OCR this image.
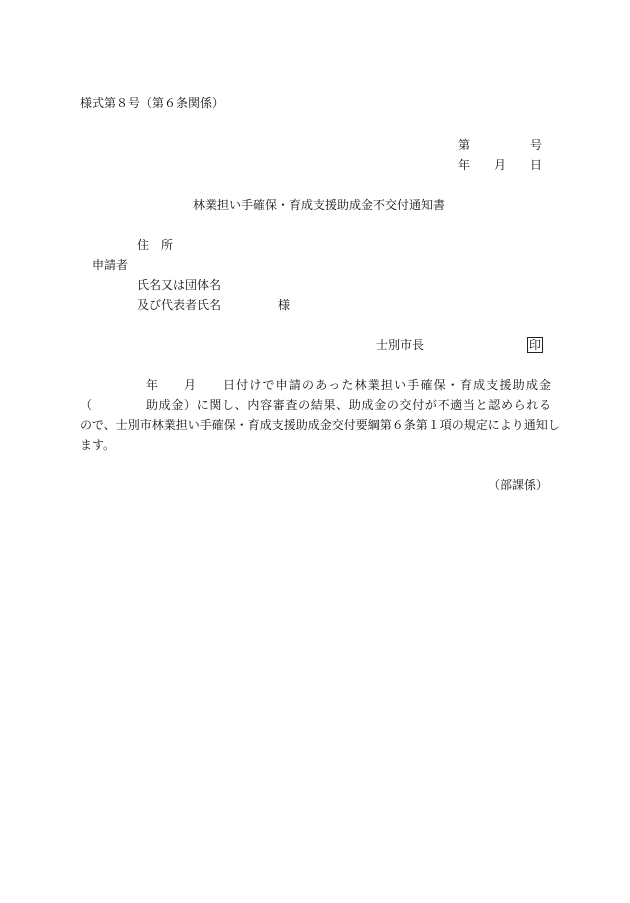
様式第８号（第６条関係）
第	号
年 月 日
林業担い手確保・育成支援助成金不交付通知書
住　所
申請者
氏名又は団体名
及び代表者氏名	様
士別市長	印
年 月 日付けで申請のあった林業担い手確保・育成支援助成金
（	助成金）に関し、内容審査の結果、助成金の交付が不適当と認められる
ので、士別市林業担い手確保・育成支援助成金交付要綱第６条第１項の規定により通知し
ます。
（部課係）
